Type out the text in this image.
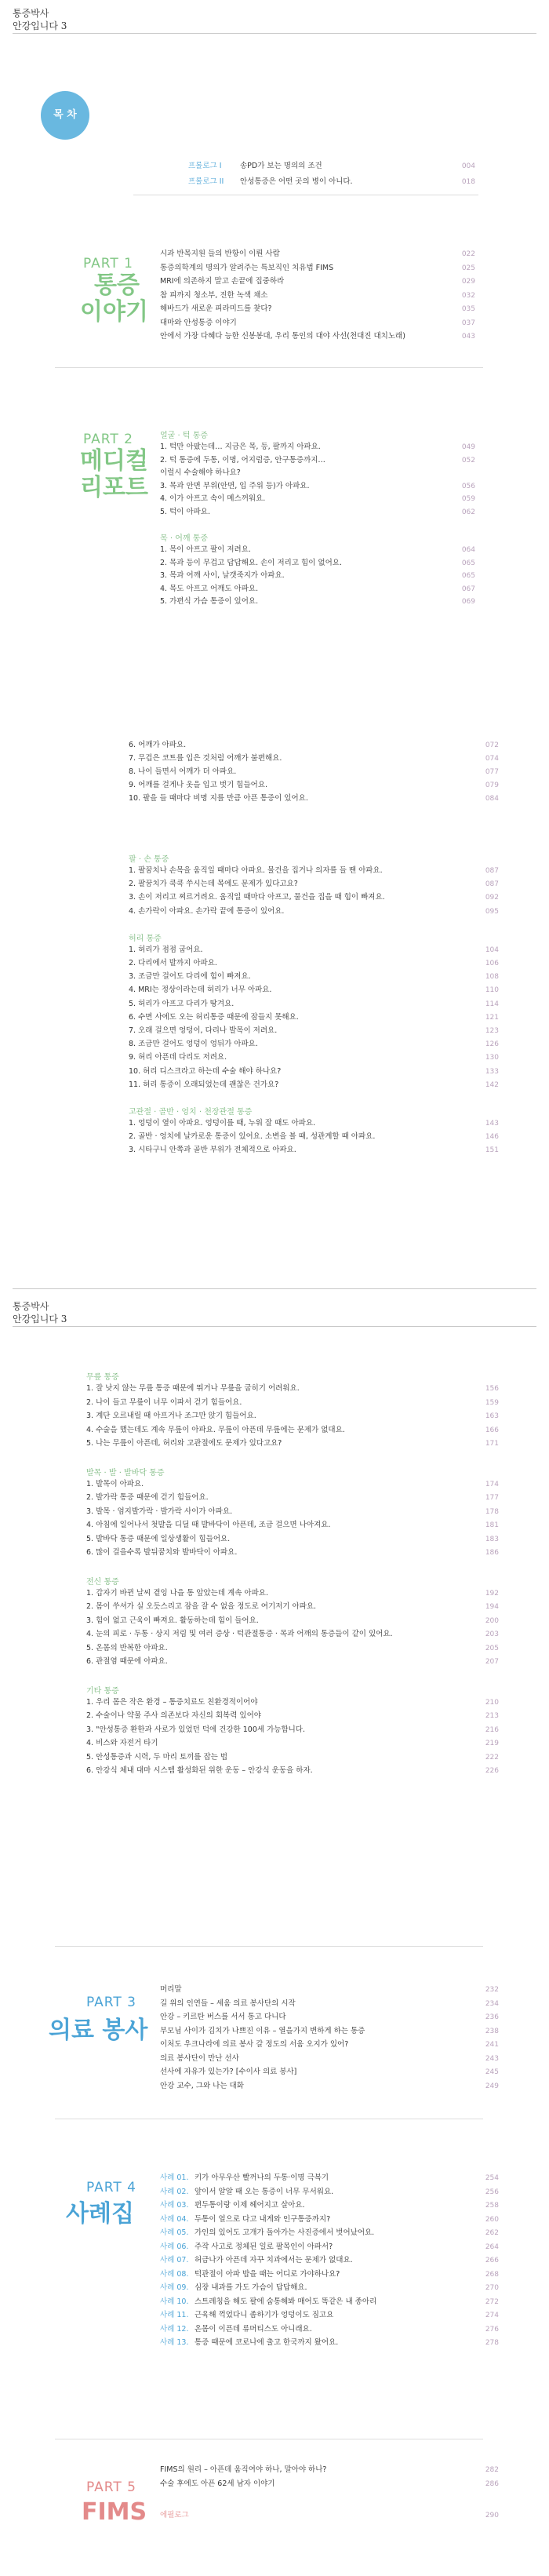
통증박사
안강입니다 3
목 차
프롤로그 I 송PD가 보는 명의의 조건	004
프롤로그 II 안성통증은 어떤 곳의 병이 아니다.	018
PART 1
통증
이야기
시과 반목지원 들의 반항이 이뤈 사람	022
통증의학계의 명의가 알려주는 특보직인 치유법 FIMS	025
MRI에 의존하지 말고 손끝에 집중하라	029
참 피까지 청소부, 진한 녹색 채소	032
해바드가 새로운 피라미드를 찾다?	035
대마와 안성통증 이야기	037
안에서 가장 다혜다 능한 신봉봉대, 우리 통인의 대야 사선(천대진 대치노래)	043
PART 2
메디컬
리포트
얼굴 · 턱 통증
1. 턱만 아팠는데… 지금은 목, 등, 팔까지 아파요.	049
2. 턱 통증에 두통, 이명, 어지럼증, 안구통증까지…	052
이럴시 수술해야 하나요?
3. 목과 안면 부위(안면, 입 주위 등)가 아파요.	056
4. 이가 아프고 속이 메스꺼워요.	059
5. 턱이 아파요.	062
목 · 어깨 통증
1. 목이 아프고 팔이 저려요.	064
2. 목과 등이 무겁고 답답해요. 손이 저리고 힘이 없어요.	065
3. 목과 어깨 사이, 날갯죽지가 아파요.	065
4. 목도 아프고 어깨도 아파요.	067
5. 가편식 가슴 통증이 있어요.	069
6. 어깨가 아파요.	072
7. 무겁은 코트를 입은 것처럼 어깨가 불편해요.	074
8. 나이 들면서 어깨가 더 아파요.	077
9. 어깨를 걸게나 옷을 입고 벗기 힘들어요.	079
10. 팔을 들 때마다 비명 지를 만큼 아픈 통증이 있어요.	084
팔 · 손 통증
1. 팔꿈치나 손목을 움직일 때마다 아파요. 물건을 집거나 의자를 들 땐 아파요.	087
2. 팔꿈치가 쿡쿡 쑤시는데 목에도 문제가 있다고요?	087
3. 손이 저리고 찌르거려요. 움직일 때마다 아프고, 물건을 집을 때 힘이 빠져요.	092
4. 손가락이 아파요. 손가락 끝에 통증이 있어요.	095
허리 통증
1. 허리가 점점 굽어요.	104
2. 다리에서 발까지 아파요.	106
3. 조금만 걸어도 다리에 힘이 빠져요.	108
4. MRI는 정상이라는데 허리가 너무 아파요.	110
5. 허리가 아프고 다리가 땅겨요.	114
6. 수면 사에도 오는 허리통증 때문에 잠들지 못해요.	121
7. 오래 걸으면 엉덩이, 다리나 발목이 저려요.	123
8. 조금만 걸어도 엉덩이 엉뒤가 아파요.	126
9. 허리 아픈데 다리도 저려요.	130
10. 허리 디스크라고 하는데 수술 해야 하나요?	133
11. 허리 통증이 오래되었는데 괜찮은 건가요?	142
고관절 · 골반 · 엉치 · 천장관절 통증
1. 엉덩이 옆이 아파요. 엉덩이를 때, 누워 잘 때도 아파요.	143
2. 골반 · 엉치에 날카로운 통증이 있어요. 소변을 볼 때, 성관계할 때 아파요.	146
3. 시타구니 안쪽과 골반 부위가 전체적으로 아파요.	151
통증박사
안강입니다 3
무릎 통증
1. 잘 낫지 않는 무릎 통증 때문에 뛰거나 무릎을 굽히기 어려워요.	156
2. 나이 들고 무릎이 너무 이파서 걷기 힘들어요.	159
3. 계단 오르내릴 때 아프거나 조그만 앉기 힘들어요.	163
4. 수술을 했는데도 계속 무릎이 아파요. 무릎이 아픈데 무릎에는 문제가 없대요.	166
5. 나는 무릎이 아픈데, 허리와 고관절에도 문제가 있다고요?	171
발목 · 발 · 발바닥 통증
1. 발목이 아파요.	174
2. 발가락 통증 때문에 걷기 힘들어요.	177
3. 발목 · 엄지발가락 · 발가락 사이가 아파요.	178
4. 아침에 일어나서 첫발을 디딜 때 발바닥이 아픈데, 조금 걸으면 나아져요.	181
5. 발바닥 통증 때문에 일상생활이 힘들어요.	183
6. 많이 걸을수록 발뒤꿈치와 발바닥이 아파요.	186
전신 통증
1. 갑자기 바뀐 날씨 곁잉 나을 통 앞았는데 계속 아파요.	192
2. 몸이 쑤셔가 실 오듯스리고 잠을 잘 수 없을 정도로 여기저기 아파요.	194
3. 힘이 없고 근육이 빠져요. 활동하는데 힘이 들어요.	200
4. 눈의 피로 · 두통 · 상지 저림 및 여러 증상 · 턱관절통증 · 목과 어깨의 통증들이 같이 있어요.	203
5. 온몸의 반복한 아파요.	205
6. 관절염 때문에 아파요.	207
기타 통증
1. 우리 몸은 작은 환경 – 통증치료도 친환경적이어야	210
2. 수술이나 약물 주사 의존보다 자신의 회복력 있어야	213
3. "안성통증 환한과 사로가 있었던 덕에 건강한 100세 가능합니다.	216
4. 비스와 자전거 타기	219
5. 안성통증과 시력, 두 마리 토끼를 잡는 법	222
6. 안강식 체내 대마 시스템 활성화된 위한 운동 – 안강식 운동을 하자.	226
PART 3
의료 봉사
머리말	232
길 위의 인연들 – 세움 의료 봉사단의 시작	234
안강 – 키르탄 버스를 서서 통고 다니다	236
부모님 사이가 김치가 나쁘진 이유 – 열을가지 변하게 하는 통증	238
이처도 우크나라에 의료 봉사 갈 정도의 서움 오지가 있어?	241
의료 봉사단이 만난 선사	243
선사에 자유가 있는가? [수이사 의료 봉사]	245
안강 교수, 그와 나는 대화	249
PART 4
사례집
사례 01. 키가 아무우산 빨꺼나의 두통·이명 극복기	254
사례 02. 앞이서 알알 때 오는 통증이 너무 무서워요.	256
사례 03. 편두통이랑 이제 헤어지고 살아요.	258
사례 04. 두통이 얼으로 다고 내게와 인구통증까지?	260
사례 05. 가인의 있어도 고개가 돌아가는 사진증에서 벗어났어요.	262
사례 06. 주작 사고로 정체된 일로 팔목인이 아파서?	264
사례 07. 허금나가 아픈데 자꾸 치과에서는 문제가 없대요.	266
사례 08. 턱관절이 아파 밥을 때는 어디로 가야하나요?	268
사례 09. 심장 내과를 가도 가슴이 답답해요.	270
사례 10. 스트레칭을 해도 팔에 숨통해봐 매어도 똑같은 내 종아리	272
사례 11. 근육해 꺽었다니 좀하기가 엉덩이도 짐고요	274
사례 12. 온몸이 이픈데 류머티스도 아니래요.	276
사례 13. 통증 때문에 코로나에 출고 한국까지 왔어요.	278
PART 5
FIMS
FIMS의 원리 – 아픈데 움직여야 하나, 말아야 하나?	282
수술 후에도 아픈 62세 남자 이야기	286
에필로그	290
